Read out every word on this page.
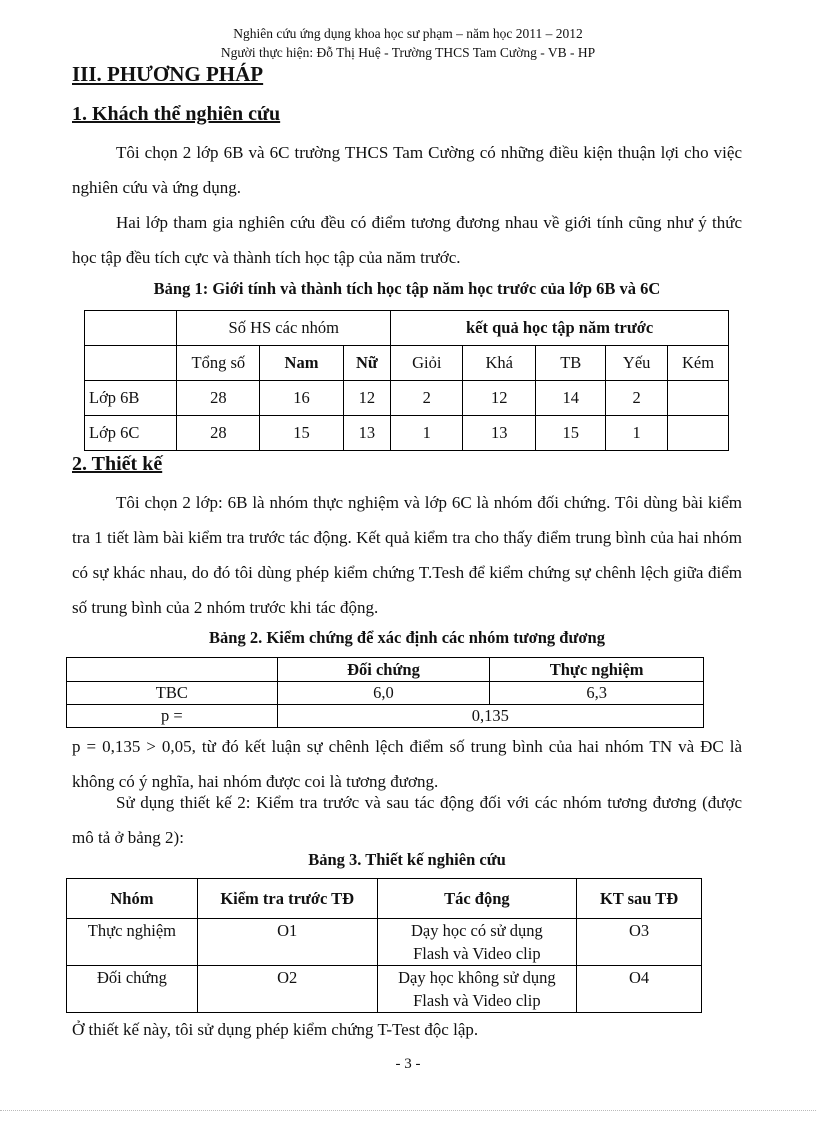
Nghiên cứu ứng dụng khoa học sư phạm – năm học 2011 – 2012
Người thực hiện: Đỗ Thị Huệ - Trường THCS Tam Cường - VB - HP
III. PHƯƠNG PHÁP
1. Khách thể nghiên cứu
Tôi chọn 2 lớp 6B và 6C trường THCS Tam Cường có những điều kiện thuận lợi cho việc nghiên cứu và ứng dụng.
Hai lớp tham gia nghiên cứu đều có điểm tương đương nhau về giới tính cũng như ý thức học tập đều tích cực và thành tích học tập của năm trước.
Bảng 1: Giới tính và thành tích học tập năm học trước của lớp 6B và 6C
	Số HS các nhóm			kết quả học tập năm trước				
	Tổng số	Nam	Nữ	Giỏi	Khá	TB	Yếu	Kém
Lớp 6B	28	16	12	2	12	14	2	
Lớp 6C	28	15	13	1	13	15	1	
2. Thiết kế
Tôi chọn 2 lớp: 6B là nhóm thực nghiệm và lớp 6C là nhóm đối chứng. Tôi dùng bài kiểm tra 1 tiết làm bài kiểm tra trước tác động. Kết quả kiểm tra cho thấy điểm trung bình của hai nhóm có sự khác nhau, do đó tôi dùng phép kiểm chứng T.Tesh để kiểm chứng sự chênh lệch giữa điểm số trung bình của 2 nhóm trước khi tác động.
Bảng 2. Kiểm chứng để xác định các nhóm tương đương
	Đối chứng	Thực nghiệm
TBC	6,0	6,3
p =	0,135	
p = 0,135 > 0,05, từ đó kết luận sự chênh lệch điểm số trung bình của hai nhóm TN và ĐC là không có ý nghĩa, hai nhóm được coi là tương đương.
Sử dụng thiết kế 2: Kiểm tra trước và sau tác động đối với các nhóm tương đương (được mô tả ở bảng 2):
Bảng 3. Thiết kế nghiên cứu
Nhóm	Kiểm tra trước TĐ	Tác động	KT sau TĐ
Thực nghiệm	O1	Dạy học có sử dụng
Flash và Video clip	O3
Đối chứng	O2	Dạy học không sử dụng
Flash và Video clip	O4
Ở thiết kế này, tôi sử dụng phép kiểm chứng T-Test độc lập.
- 3 -
